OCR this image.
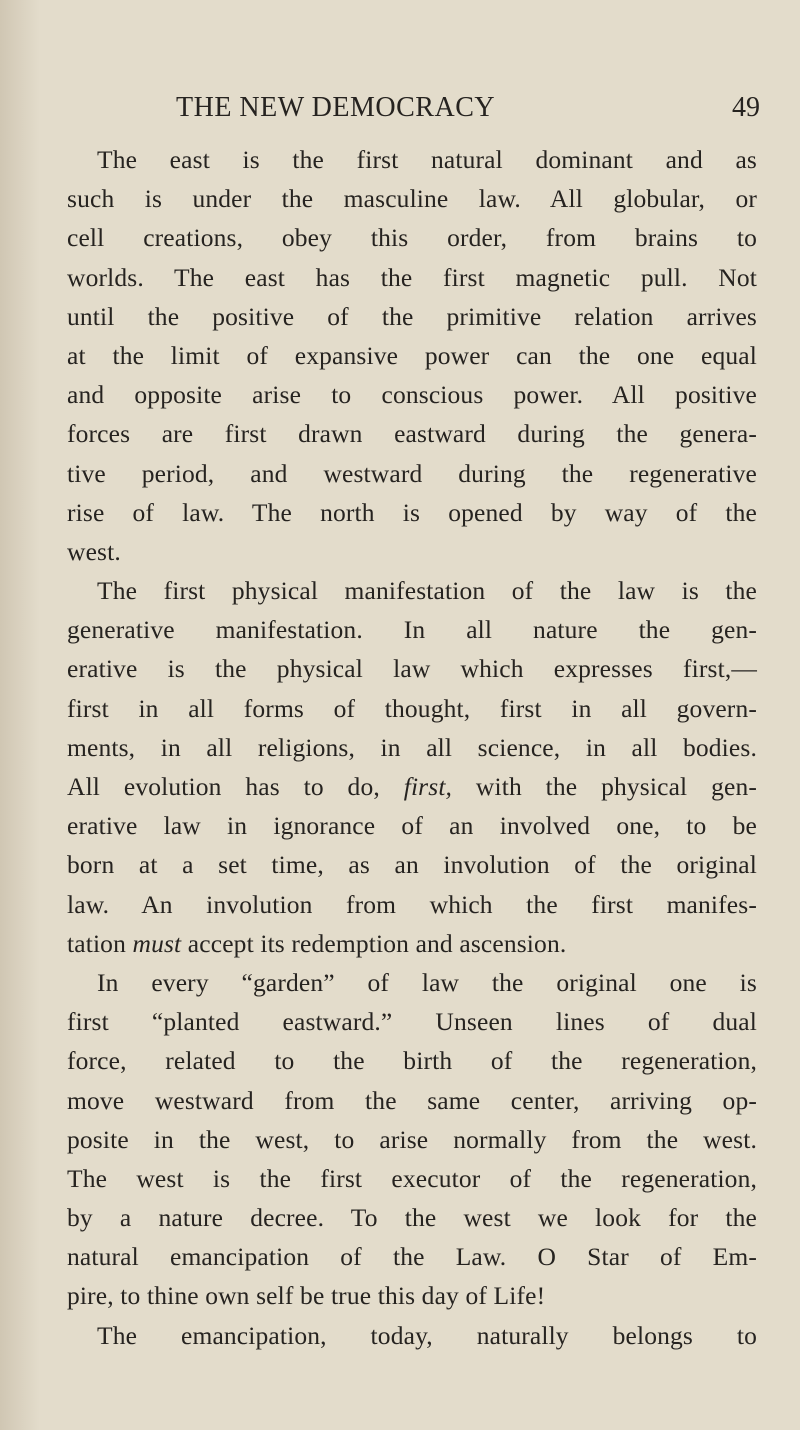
THE NEW DEMOCRACY	49
The east is the first natural dominant and as
such is under the masculine law. All globular, or
cell creations, obey this order, from brains to
worlds. The east has the first magnetic pull. Not
until the positive of the primitive relation arrives
at the limit of expansive power can the one equal
and opposite arise to conscious power. All positive
forces are first drawn eastward during the genera-
tive period, and westward during the regenerative
rise of law. The north is opened by way of the
west.
The first physical manifestation of the law is the
generative manifestation. In all nature the gen-
erative is the physical law which expresses first,—
first in all forms of thought, first in all govern-
ments, in all religions, in all science, in all bodies.
All evolution has to do, first, with the physical gen-
erative law in ignorance of an involved one, to be
born at a set time, as an involution of the original
law. An involution from which the first manifes-
tation must accept its redemption and ascension.
In every “garden” of law the original one is
first “planted eastward.” Unseen lines of dual
force, related to the birth of the regeneration,
move westward from the same center, arriving op-
posite in the west, to arise normally from the west.
The west is the first executor of the regeneration,
by a nature decree. To the west we look for the
natural emancipation of the Law. O Star of Em-
pire, to thine own self be true this day of Life!
The emancipation, today, naturally belongs to
